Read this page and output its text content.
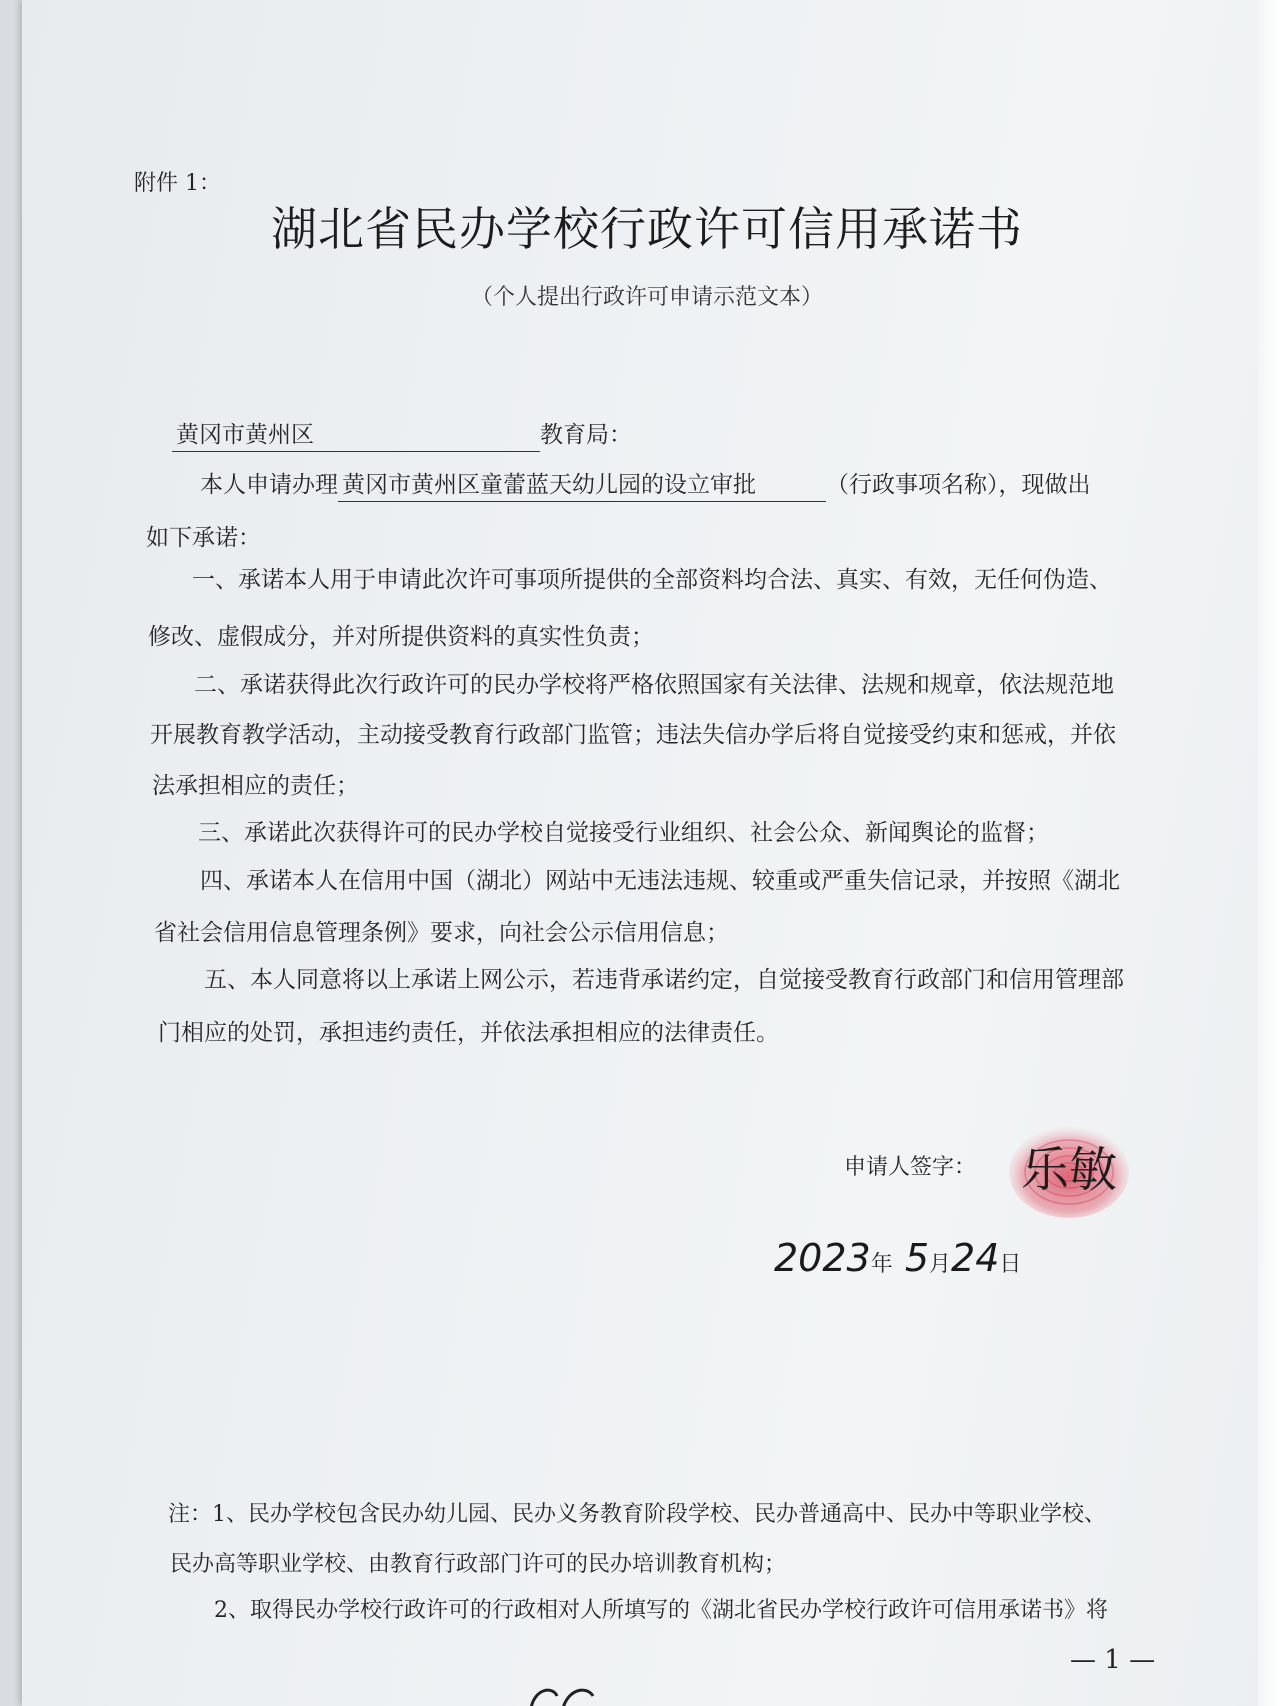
附件 1：
湖北省民办学校行政许可信用承诺书
（个人提出行政许可申请示范文本）
黄冈市黄州区	教育局：
本人申请办理 黄冈市黄州区童蕾蓝天幼儿园的设立审批	（行政事项名称），现做出
如下承诺：
一、承诺本人用于申请此次许可事项所提供的全部资料均合法、真实、有效，无任何伪造、
修改、虚假成分，并对所提供资料的真实性负责；
二、承诺获得此次行政许可的民办学校将严格依照国家有关法律、法规和规章，依法规范地
开展教育教学活动，主动接受教育行政部门监管；违法失信办学后将自觉接受约束和惩戒，并依
法承担相应的责任；
三、承诺此次获得许可的民办学校自觉接受行业组织、社会公众、新闻舆论的监督；
四、承诺本人在信用中国（湖北）网站中无违法违规、较重或严重失信记录，并按照《湖北
省社会信用信息管理条例》要求，向社会公示信用信息；
五、本人同意将以上承诺上网公示，若违背承诺约定，自觉接受教育行政部门和信用管理部
门相应的处罚，承担违约责任，并依法承担相应的法律责任。
申请人签字： 乐敏
2023年 5月24日
注：1、民办学校包含民办幼儿园、民办义务教育阶段学校、民办普通高中、民办中等职业学校、
民办高等职业学校、由教育行政部门许可的民办培训教育机构；
2、取得民办学校行政许可的行政相对人所填写的《湖北省民办学校行政许可信用承诺书》将
— 1 —
